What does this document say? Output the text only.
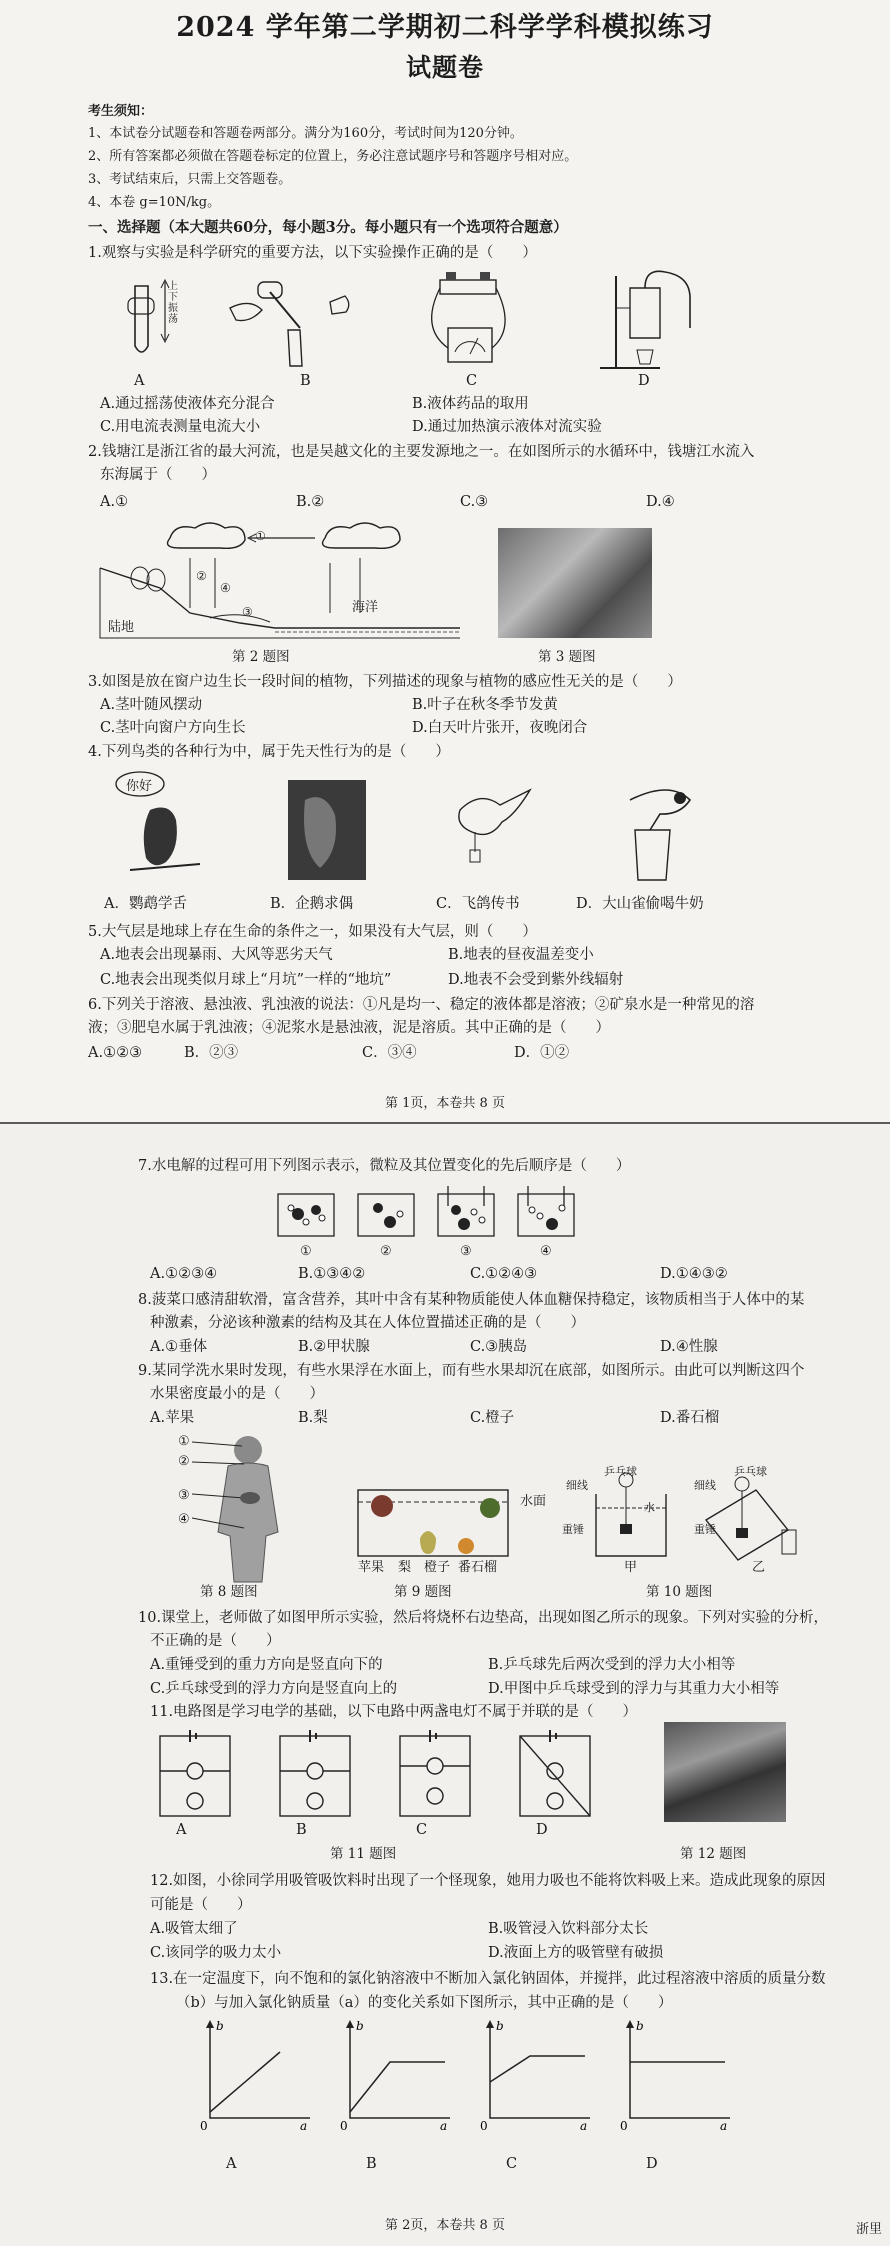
2024 学年第二学期初二科学学科模拟练习
试题卷
考生须知：
1、本试卷分试题卷和答题卷两部分。满分为160分，考试时间为120分钟。
2、所有答案都必须做在答题卷标定的位置上，务必注意试题序号和答题序号相对应。
3、考试结束后，只需上交答题卷。
4、本卷 g=10N/kg。
一、选择题（本大题共60分，每小题3分。每小题只有一个选项符合题意）
1.观察与实验是科学研究的重要方法，以下实验操作正确的是（　　）
A	B	C	D
上下振荡
A.通过摇荡使液体充分混合	B.液体药品的取用
C.用电流表测量电流大小	D.通过加热演示液体对流实验
2.钱塘江是浙江省的最大河流，也是吴越文化的主要发源地之一。在如图所示的水循环中，钱塘江水流入
东海属于（　　）
A.①	B.②	C.③	D.④
①
②
③
④
陆地
海洋
第 2 题图	第 3 题图
3.如图是放在窗户边生长一段时间的植物，下列描述的现象与植物的感应性无关的是（　　）
A.茎叶随风摆动	B.叶子在秋冬季节发黄
C.茎叶向窗户方向生长	D.白天叶片张开，夜晚闭合
4.下列鸟类的各种行为中，属于先天性行为的是（　　）
你好
A．鹦鹉学舌	B．企鹅求偶	C．飞鸽传书	D．大山雀偷喝牛奶
5.大气层是地球上存在生命的条件之一，如果没有大气层，则（　　）
A.地表会出现暴雨、大风等恶劣天气	B.地表的昼夜温差变小
C.地表会出现类似月球上“月坑”一样的“地坑”	D.地表不会受到紫外线辐射
6.下列关于溶液、悬浊液、乳浊液的说法：①凡是均一、稳定的液体都是溶液；②矿泉水是一种常见的溶
液；③肥皂水属于乳浊液；④泥浆水是悬浊液，泥是溶质。其中正确的是（　　）
A.①②③	B．②③	C．③④	D．①②
第 1页，本卷共 8 页
7.水电解的过程可用下列图示表示，微粒及其位置变化的先后顺序是（　　）
①	②	③	④
A.①②③④	B.①③④②	C.①②④③	D.①④③②
8.菠菜口感清甜软滑，富含营养，其叶中含有某种物质能使人体血糖保持稳定，该物质相当于人体中的某
种激素，分泌该种激素的结构及其在人体位置描述正确的是（　　）
A.①垂体	B.②甲状腺	C.③胰岛	D.④性腺
9.某同学洗水果时发现，有些水果浮在水面上，而有些水果却沉在底部，如图所示。由此可以判断这四个
水果密度最小的是（　　）
A.苹果	B.梨	C.橙子	D.番石榴
①
②
③
④
水面
苹果 梨 橙子 番石榴
细线
乒乓球
重锤
水
细线
乒乓球
重锤
甲	乙
第 8 题图	第 9 题图	第 10 题图
10.课堂上，老师做了如图甲所示实验，然后将烧杯右边垫高，出现如图乙所示的现象。下列对实验的分析，
不正确的是（　　）
A.重锤受到的重力方向是竖直向下的	B.乒乓球先后两次受到的浮力大小相等
C.乒乓球受到的浮力方向是竖直向上的	D.甲图中乒乓球受到的浮力与其重力大小相等
11.电路图是学习电学的基础，以下电路中两盏电灯不属于并联的是（　　）
A	B	C	D
第 11 题图	第 12 题图
12.如图，小徐同学用吸管吸饮料时出现了一个怪现象，她用力吸也不能将饮料吸上来。造成此现象的原因
可能是（　　）
A.吸管太细了	B.吸管浸入饮料部分太长
C.该同学的吸力太小	D.液面上方的吸管壁有破损
13.在一定温度下，向不饱和的氯化钠溶液中不断加入氯化钠固体，并搅拌，此过程溶液中溶质的质量分数
（b）与加入氯化钠质量（a）的变化关系如下图所示，其中正确的是（　　）
b	b	b	b
0	0	0	0
a	a	a	a
A	B	C	D
第 2页，本卷共 8 页	浙里
